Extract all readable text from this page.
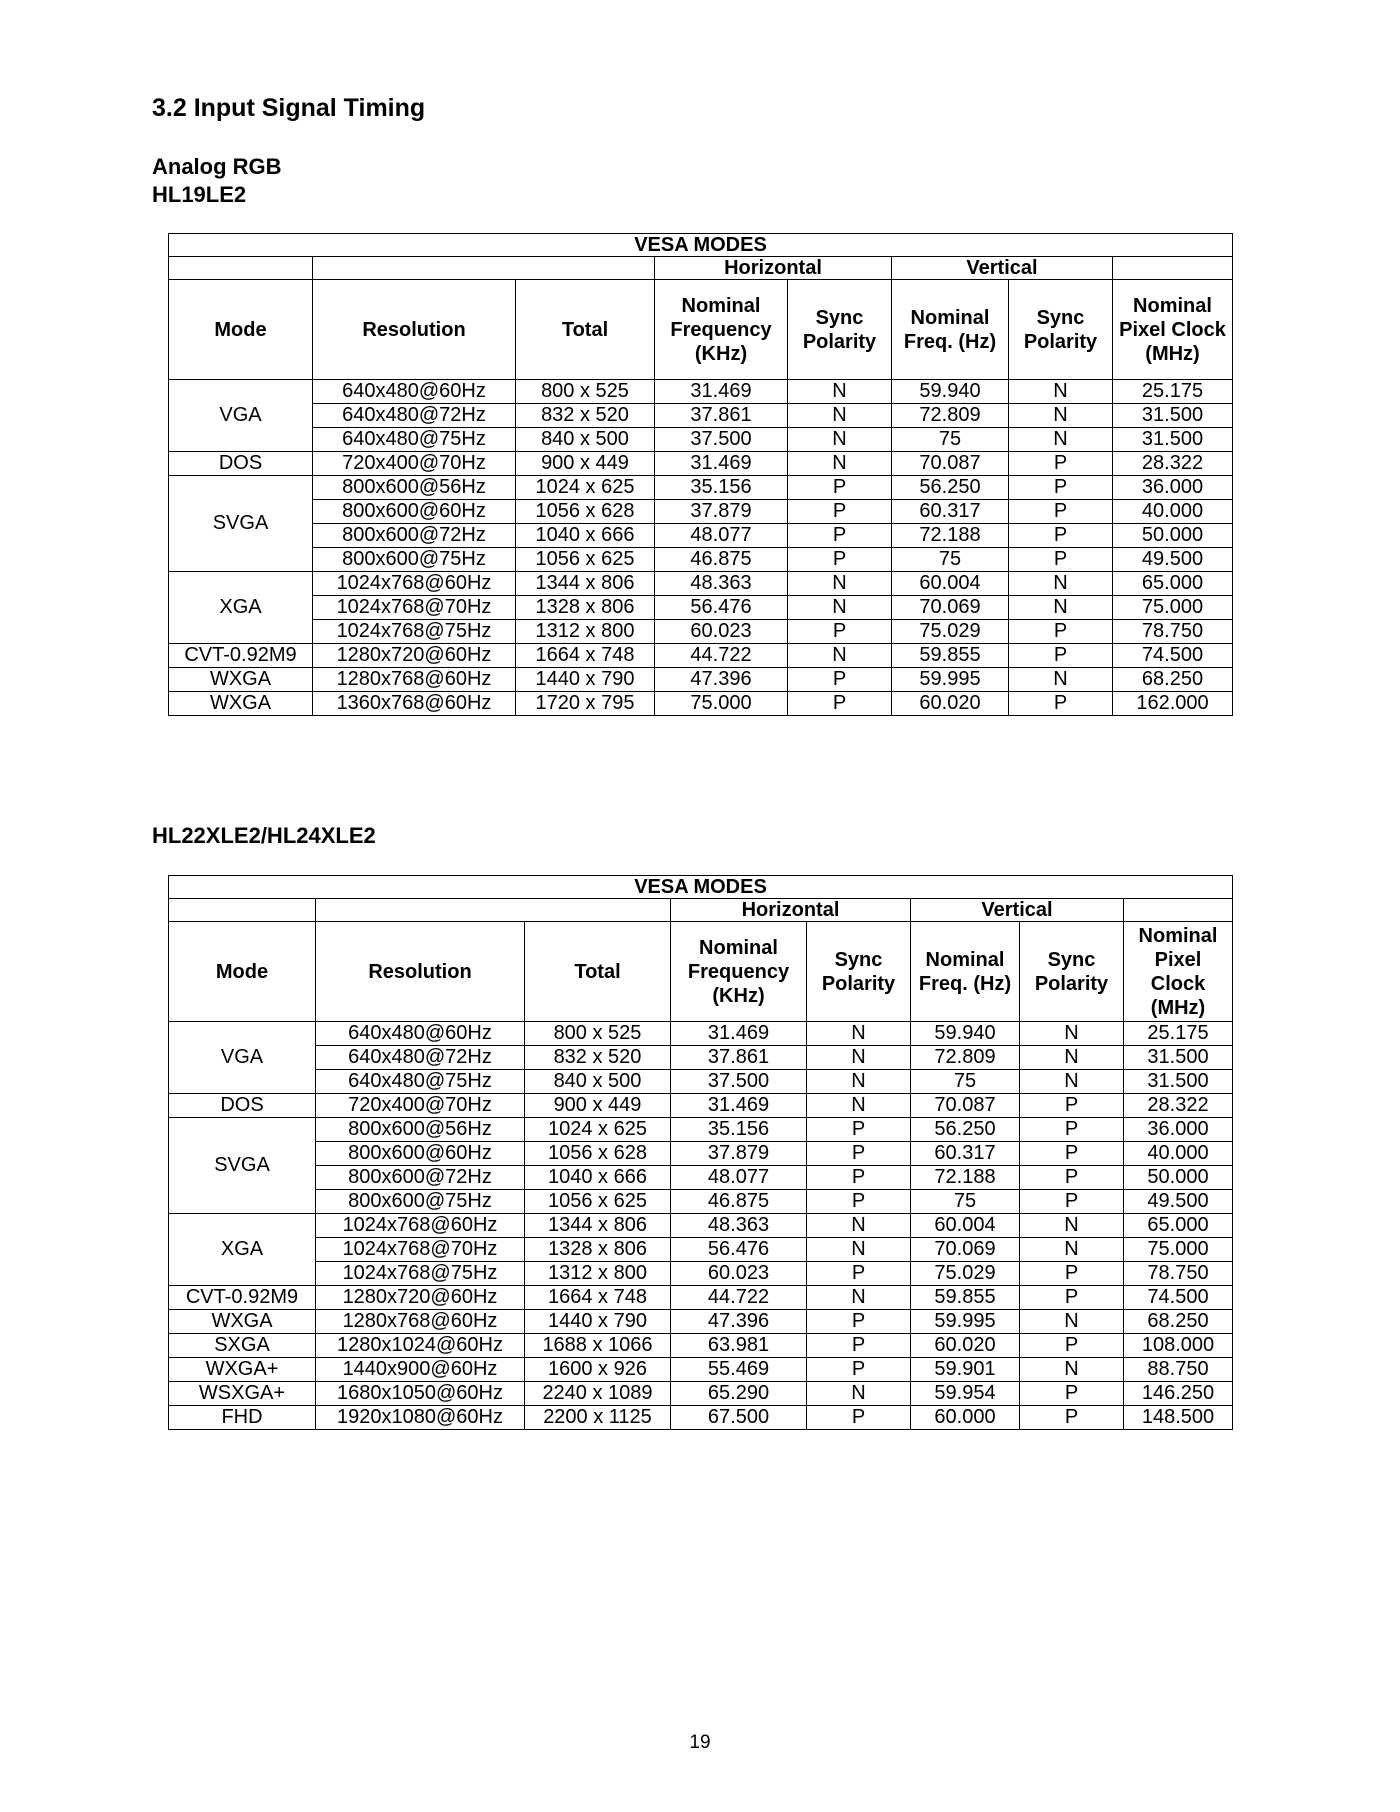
3.2 Input Signal Timing
Analog RGB
HL19LE2
VESA MODES							
			Horizontal		Vertical		
Mode	Resolution	Total	Nominal Frequency (KHz)	Sync Polarity	Nominal Freq. (Hz)	Sync Polarity	Nominal Pixel Clock (MHz)
VGA	640x480@60Hz	800 x 525	31.469	N	59.940	N	25.175
	640x480@72Hz	832 x 520	37.861	N	72.809	N	31.500
	640x480@75Hz	840 x 500	37.500	N	75	N	31.500
DOS	720x400@70Hz	900 x 449	31.469	N	70.087	P	28.322
SVGA	800x600@56Hz	1024 x 625	35.156	P	56.250	P	36.000
	800x600@60Hz	1056 x 628	37.879	P	60.317	P	40.000
	800x600@72Hz	1040 x 666	48.077	P	72.188	P	50.000
	800x600@75Hz	1056 x 625	46.875	P	75	P	49.500
XGA	1024x768@60Hz	1344 x 806	48.363	N	60.004	N	65.000
	1024x768@70Hz	1328 x 806	56.476	N	70.069	N	75.000
	1024x768@75Hz	1312 x 800	60.023	P	75.029	P	78.750
CVT-0.92M9	1280x720@60Hz	1664 x 748	44.722	N	59.855	P	74.500
WXGA	1280x768@60Hz	1440 x 790	47.396	P	59.995	N	68.250
WXGA	1360x768@60Hz	1720 x 795	75.000	P	60.020	P	162.000
HL22XLE2/HL24XLE2
VESA MODES							
			Horizontal		Vertical		
Mode	Resolution	Total	Nominal Frequency (KHz)	Sync Polarity	Nominal Freq. (Hz)	Sync Polarity	Nominal Pixel Clock (MHz)
VGA	640x480@60Hz	800 x 525	31.469	N	59.940	N	25.175
	640x480@72Hz	832 x 520	37.861	N	72.809	N	31.500
	640x480@75Hz	840 x 500	37.500	N	75	N	31.500
DOS	720x400@70Hz	900 x 449	31.469	N	70.087	P	28.322
SVGA	800x600@56Hz	1024 x 625	35.156	P	56.250	P	36.000
	800x600@60Hz	1056 x 628	37.879	P	60.317	P	40.000
	800x600@72Hz	1040 x 666	48.077	P	72.188	P	50.000
	800x600@75Hz	1056 x 625	46.875	P	75	P	49.500
XGA	1024x768@60Hz	1344 x 806	48.363	N	60.004	N	65.000
	1024x768@70Hz	1328 x 806	56.476	N	70.069	N	75.000
	1024x768@75Hz	1312 x 800	60.023	P	75.029	P	78.750
CVT-0.92M9	1280x720@60Hz	1664 x 748	44.722	N	59.855	P	74.500
WXGA	1280x768@60Hz	1440 x 790	47.396	P	59.995	N	68.250
SXGA	1280x1024@60Hz	1688 x 1066	63.981	P	60.020	P	108.000
WXGA+	1440x900@60Hz	1600 x 926	55.469	P	59.901	N	88.750
WSXGA+	1680x1050@60Hz	2240 x 1089	65.290	N	59.954	P	146.250
FHD	1920x1080@60Hz	2200 x 1125	67.500	P	60.000	P	148.500
19
